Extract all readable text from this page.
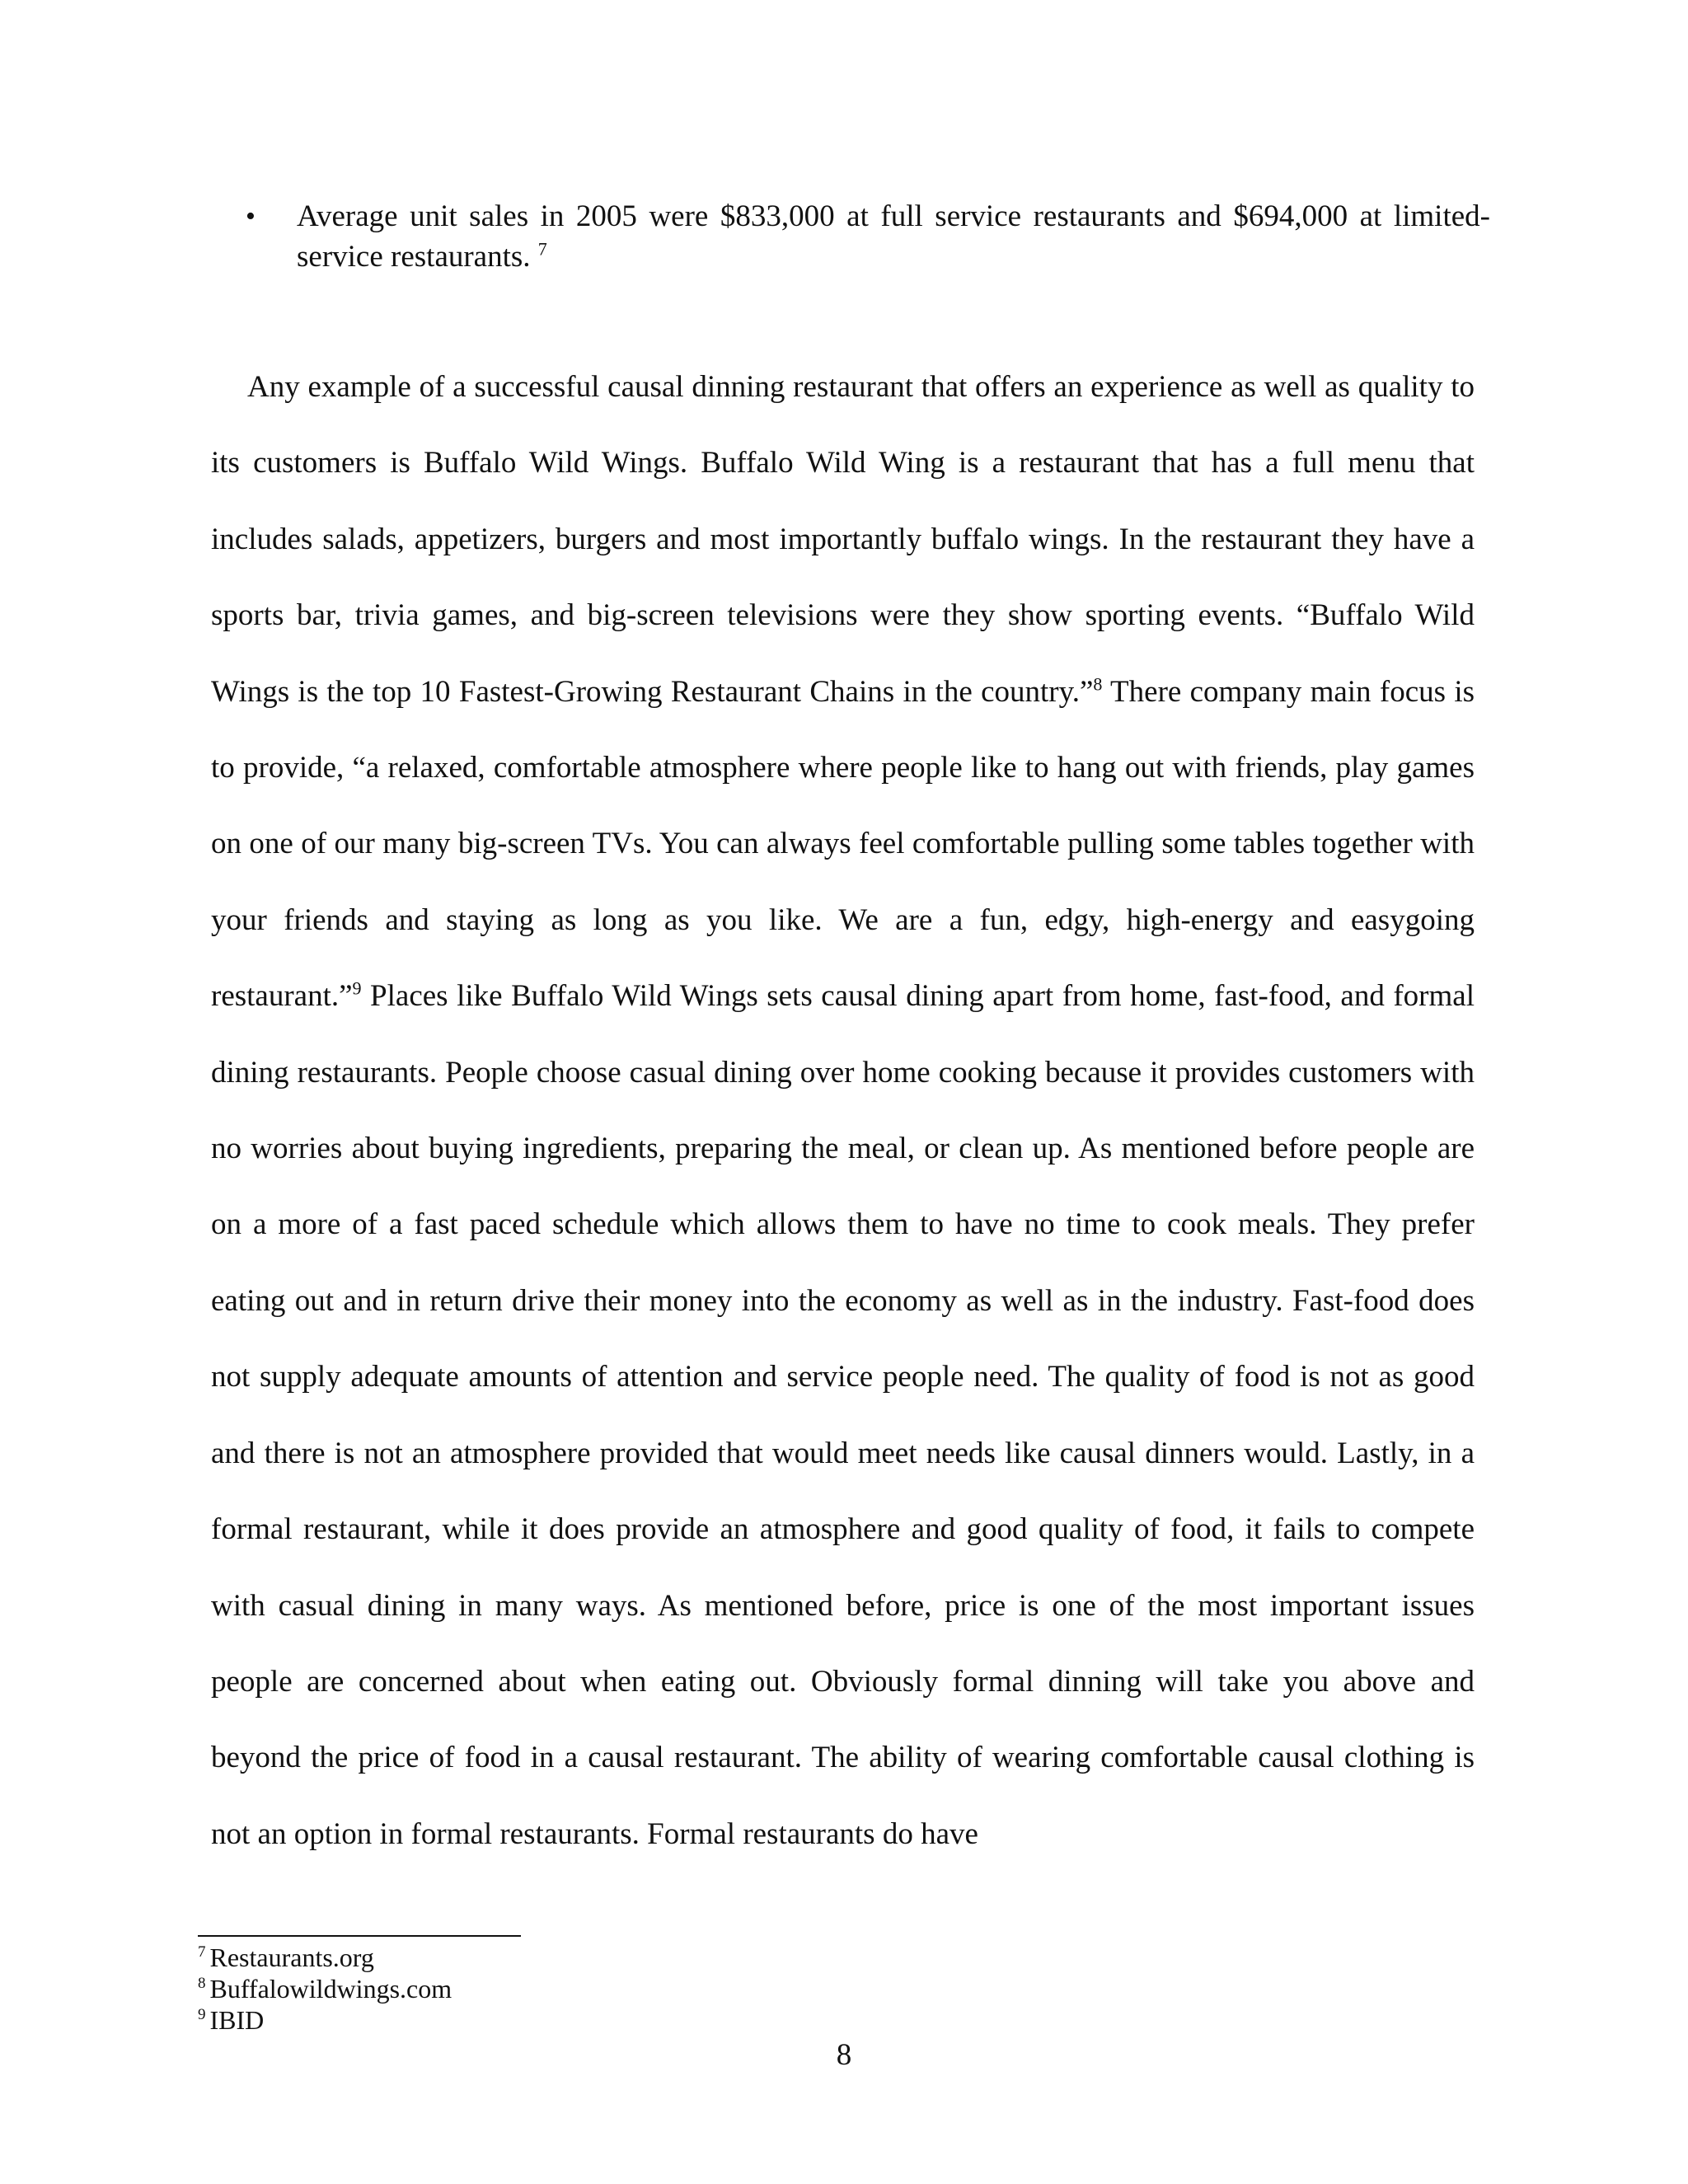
•	Average unit sales in 2005 were $833,000 at full service restaurants and $694,000 at limited-service restaurants. $^7$

Any example of a successful causal dinning restaurant that offers an experience as well as quality to its customers is Buffalo Wild Wings. Buffalo Wild Wing is a restaurant that has a full menu that includes salads, appetizers, burgers and most importantly buffalo wings. In the restaurant they have a sports bar, trivia games, and big-screen televisions were they show sporting events. “Buffalo Wild Wings is the top 10 Fastest-Growing Restaurant Chains in the country.”$^8$ There company main focus is to provide, “a relaxed, comfortable atmosphere where people like to hang out with friends, play games on one of our many big-screen TVs. You can always feel comfortable pulling some tables together with your friends and staying as long as you like. We are a fun, edgy, high-energy and easygoing restaurant.”$^9$ Places like Buffalo Wild Wings sets causal dining apart from home, fast-food, and formal dining restaurants. People choose casual dining over home cooking because it provides customers with no worries about buying ingredients, preparing the meal, or clean up. As mentioned before people are on a more of a fast paced schedule which allows them to have no time to cook meals. They prefer eating out and in return drive their money into the economy as well as in the industry. Fast-food does not supply adequate amounts of attention and service people need. The quality of food is not as good and there is not an atmosphere provided that would meet needs like causal dinners would. Lastly, in a formal restaurant, while it does provide an atmosphere and good quality of food, it fails to compete with casual dining in many ways. As mentioned before, price is one of the most important issues people are concerned about when eating out. Obviously formal dinning will take you above and beyond the price of food in a causal restaurant. The ability of wearing comfortable causal clothing is not an option in formal restaurants. Formal restaurants do have

$^7$ Restaurants.org
$^8$ Buffalowildwings.com
$^9$ IBID
8
